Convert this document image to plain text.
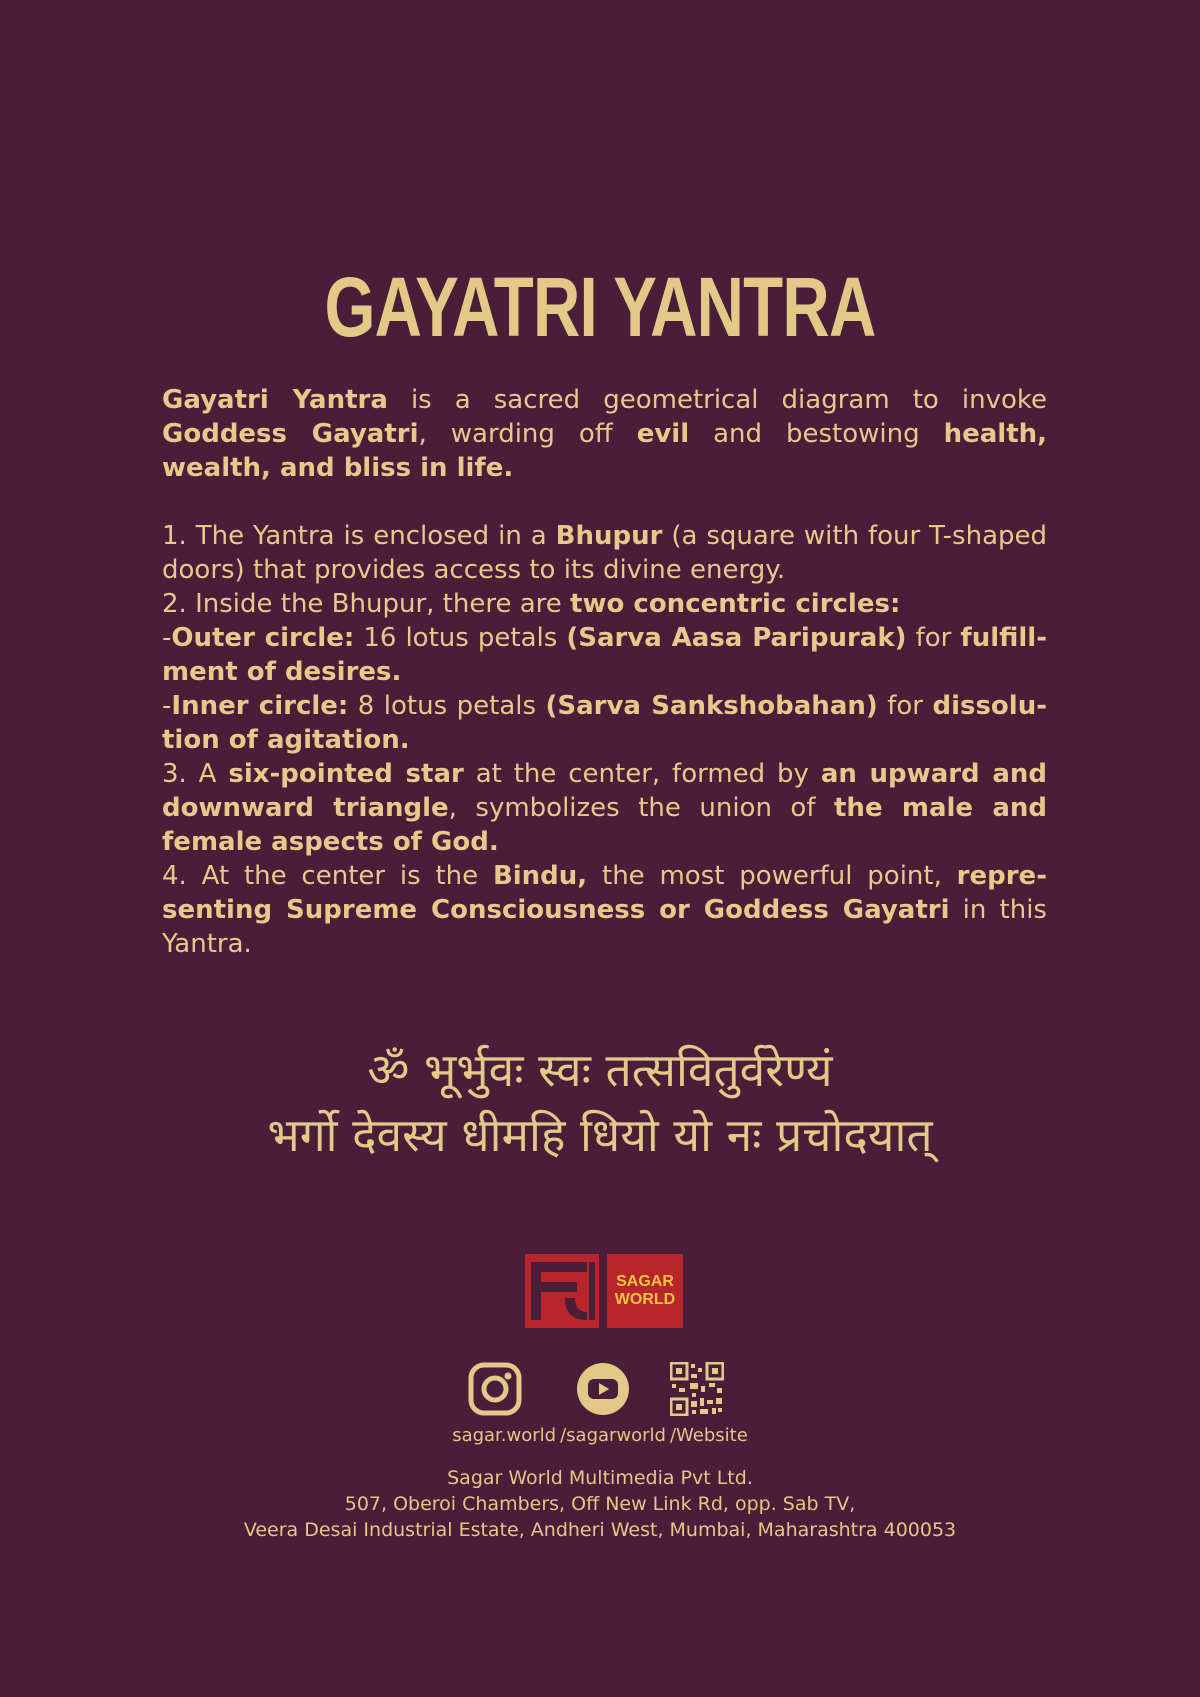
GAYATRI YANTRA

Gayatri Yantra is a sacred geometrical diagram to invoke Goddess Gayatri, warding off evil and bestowing health, wealth, and bliss in life.

1. The Yantra is enclosed in a Bhupur (a square with four T-shaped doors) that provides access to its divine energy.

2. Inside the Bhupur, there are two concentric circles:

-Outer circle: 16 lotus petals (Sarva Aasa Paripurak) for fulfill-ment of desires.

-Inner circle: 8 lotus petals (Sarva Sankshobahan) for dissolu-tion of agitation.

3. A six-pointed star at the center, formed by an upward and downward triangle, symbolizes the union of the male and female aspects of God.

4. At the center is the Bindu, the most powerful point, repre-senting Supreme Consciousness or Goddess Gayatri in this Yantra.

ॐ भूर्भुवः स्वः तत्सवितुर्वरेण्यं
भर्गो देवस्य धीमहि धियो यो नः प्रचोदयात्
SAGAR
WORLD
sagar.world /sagarworld /Website
Sagar World Multimedia Pvt Ltd.
507, Oberoi Chambers, Off New Link Rd, opp. Sab TV,
Veera Desai Industrial Estate, Andheri West, Mumbai, Maharashtra 400053
